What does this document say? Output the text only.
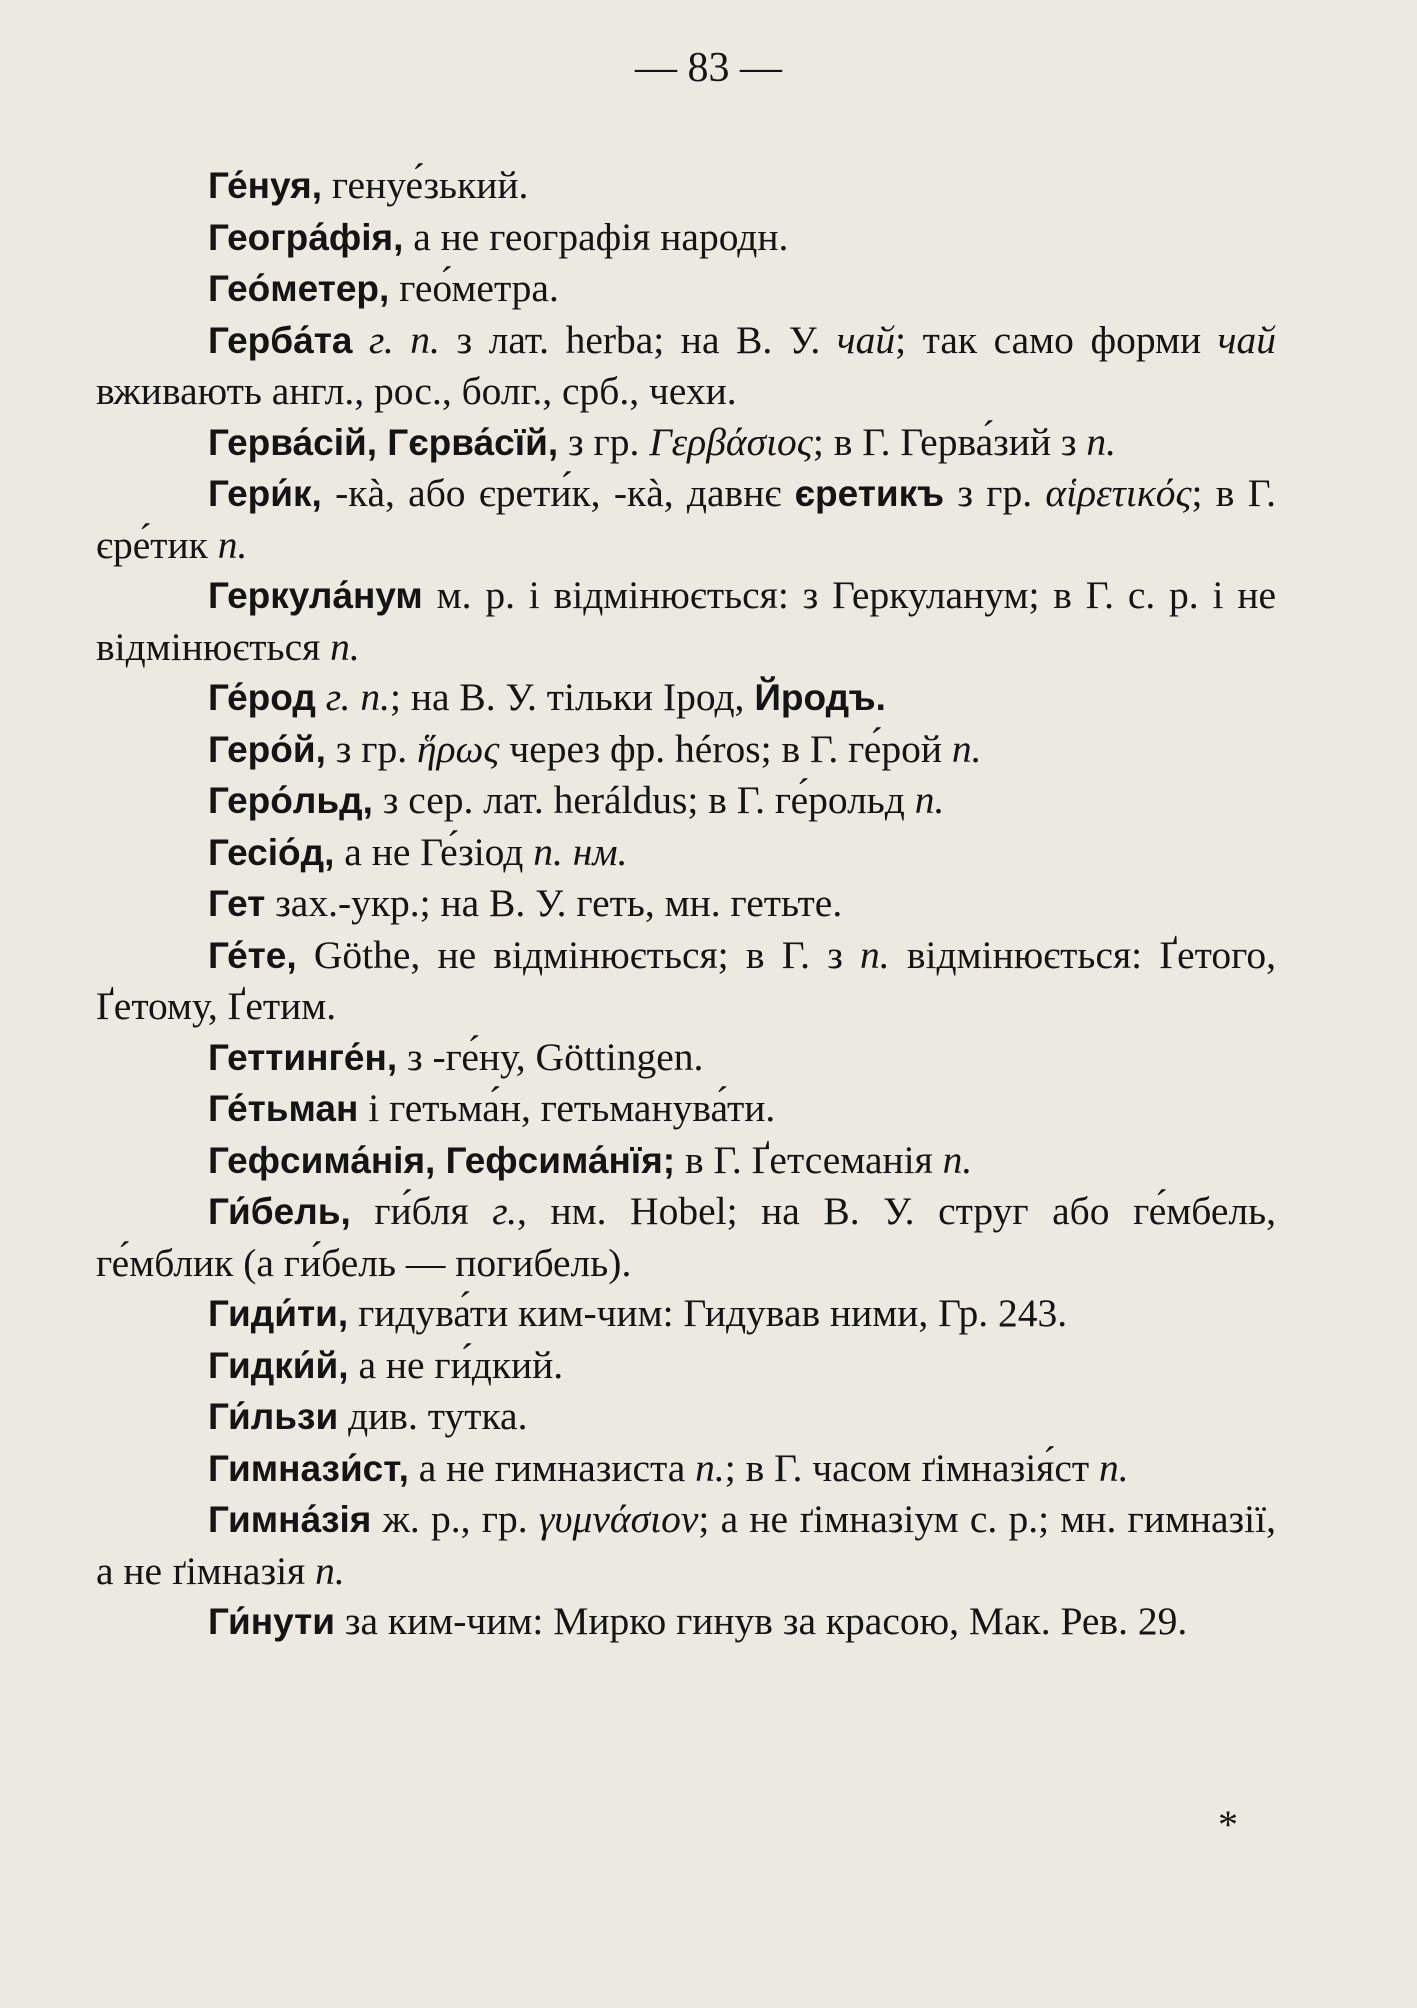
— 83 —

Ге́нуя, генуе́зький.

Геогра́фія, а не географія народн.

Гео́метер, гео́метра.

Герба́та г. п. з лат. herba; на В. У. чай; так само форми чай вживають англ., рос., болг., срб., чехи.

Герва́сій, Гєрва́сїй, з гр. Γερβάσιος; в Г. Герва́зий з п.

Гери́к, -кà, або єрети́к, -кà, давнє єретикъ з гр. αἱρετικός; в Г. єре́тик п.

Геркула́нум м. р. і відмінюється: з Геркуланум; в Г. с. р. і не відмінюється п.

Ге́род г. п.; на В. У. тільки Ірод, Йродъ.

Геро́й, з гр. ἥρως через фр. héros; в Г. ге́рой п.

Геро́льд, з сер. лат. heráldus; в Г. ге́рольд п.

Гесіо́д, а не Ге́зіод п. нм.

Гет зах.-укр.; на В. У. геть, мн. гетьте.

Ге́те, Göthe, не відмінюється; в Г. з п. відмінюється: Ґетого, Ґетому, Ґетим.

Геттинге́н, з -ге́ну, Göttingen.

Ге́тьман і гетьма́н, гетьманува́ти.

Гефсима́нія, Гефсима́нїя; в Г. Ґетсеманія п.

Ги́бель, ги́бля г., нм. Hobel; на В. У. струг або ге́мбель, ге́мблик (а ги́бель — погибель).

Гиди́ти, гидува́ти ким-чим: Гидував ними, Гр. 243.

Гидки́й, а не ги́дкий.

Ги́льзи див. тутка.

Гимнази́ст, а не гимназиста п.; в Г. часом ґімназія́ст п.

Гимна́зія ж. р., гр. γυμνάσιον; а не ґімназіум с. р.; мн. гимназії, а не ґімназія п.

Ги́нути за ким-чим: Мирко гинув за красою, Мак. Рев. 29.

*
